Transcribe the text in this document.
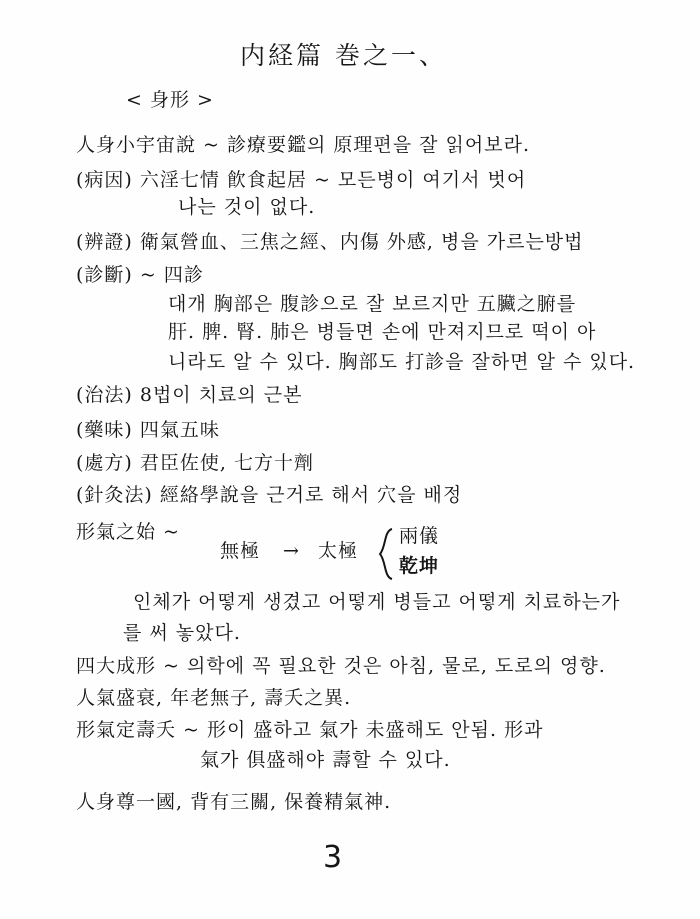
内経篇 巻之一、
< 身形 >
人身小宇宙說 ~ 診療要鑑의 原理편을 잘 읽어보라.
(病因) 六淫七情 飮食起居 ~ 모든병이 여기서 벗어
나는 것이 없다.
(辨證) 衛氣營血、三焦之經、内傷 外感, 병을 가르는방법
(診斷) ~ 四診
대개 胸部은 腹診으로 잘 보르지만 五臟之腑를
肝. 脾. 腎. 肺은 병들면 손에 만져지므로 떡이 아
니라도 알 수 있다. 胸部도 打診을 잘하면 알 수 있다.
(治法) 8법이 치료의 근본
(藥味) 四氣五味
(處方) 君臣佐使, 七方十劑
(針灸法) 經絡學說을 근거로 해서 穴을 배정
形氣之始 ~
無極 → 太極
兩儀
乾坤
인체가 어떻게 생겼고 어떻게 병들고 어떻게 치료하는가
를 써 놓았다.
四大成形 ~ 의학에 꼭 필요한 것은 아침, 물로, 도로의 영향.
人氣盛衰, 年老無子, 壽夭之異.
形氣定壽夭 ~ 形이 盛하고 氣가 未盛해도 안됨. 形과
氣가 俱盛해야 壽할 수 있다.
人身尊一國, 背有三關, 保養精氣神.
3
